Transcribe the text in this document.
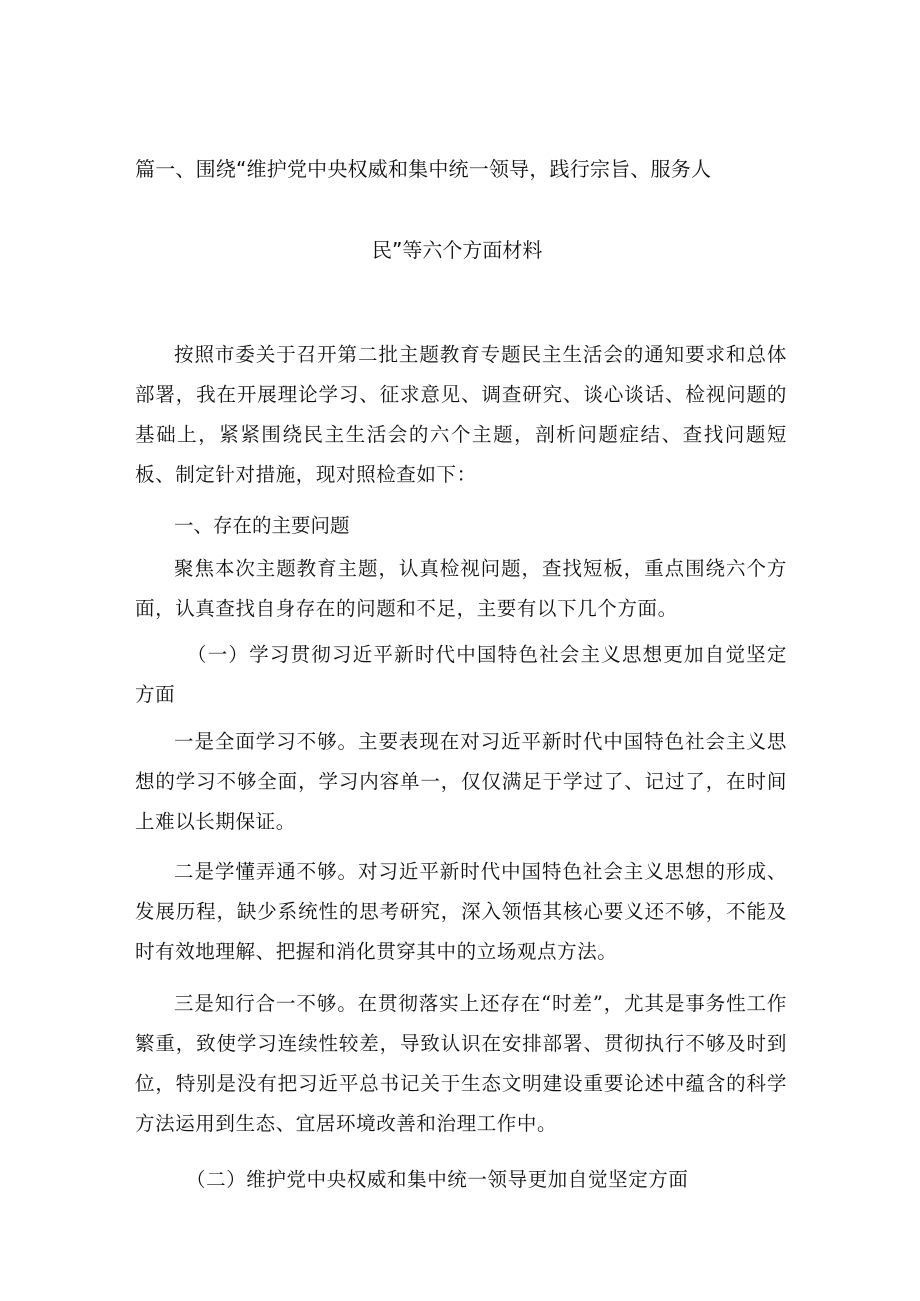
篇一、围绕“维护党中央权威和集中统一领导，践行宗旨、服务人
民”等六个方面材料

按照市委关于召开第二批主题教育专题民主生活会的通知要求和总体部署，我在开展理论学习、征求意见、调查研究、谈心谈话、检视问题的基础上，紧紧围绕民主生活会的六个主题，剖析问题症结、查找问题短板、制定针对措施，现对照检查如下：

一、存在的主要问题

聚焦本次主题教育主题，认真检视问题，查找短板，重点围绕六个方面，认真查找自身存在的问题和不足，主要有以下几个方面。

（一）学习贯彻习近平新时代中国特色社会主义思想更加自觉坚定方面

一是全面学习不够。主要表现在对习近平新时代中国特色社会主义思想的学习不够全面，学习内容单一，仅仅满足于学过了、记过了，在时间上难以长期保证。

二是学懂弄通不够。对习近平新时代中国特色社会主义思想的形成、发展历程，缺少系统性的思考研究，深入领悟其核心要义还不够，不能及时有效地理解、把握和消化贯穿其中的立场观点方法。

三是知行合一不够。在贯彻落实上还存在“时差”，尤其是事务性工作繁重，致使学习连续性较差，导致认识在安排部署、贯彻执行不够及时到位，特别是没有把习近平总书记关于生态文明建设重要论述中蕴含的科学方法运用到生态、宜居环境改善和治理工作中。

（二）维护党中央权威和集中统一领导更加自觉坚定方面
